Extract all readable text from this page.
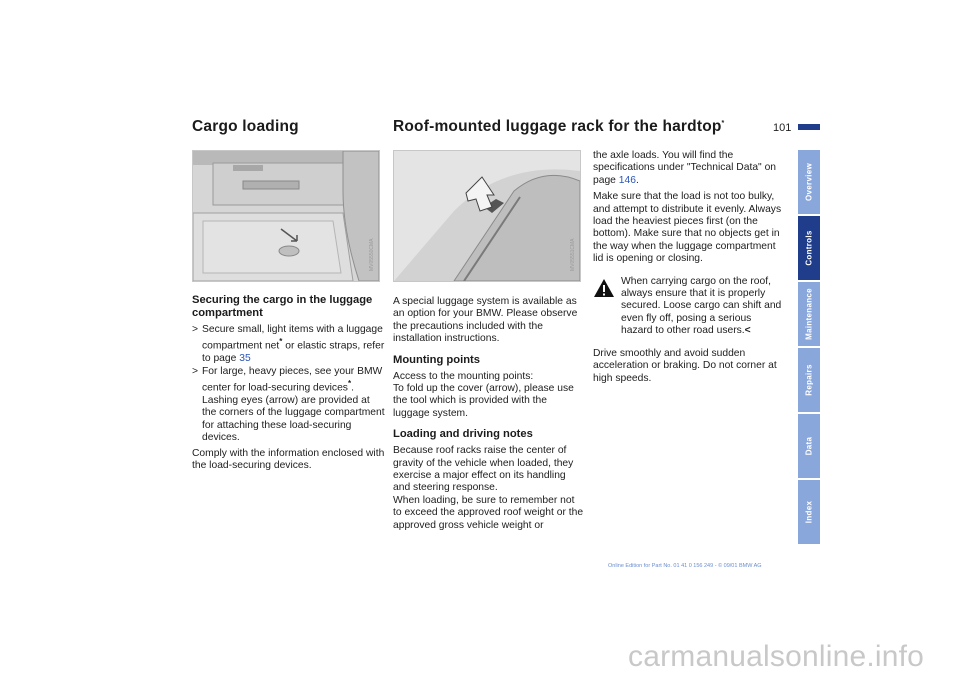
Cargo loading	Roof-mounted luggage rack for the hardtop*	101
MV05550CMA	MV05551CMA

Securing the cargo in the luggage compartment

> Secure small, light items with a luggage compartment net* or elastic straps, refer to page 35
> For large, heavy pieces, see your BMW center for load-securing devices*. Lashing eyes (arrow) are provided at the corners of the luggage compartment for attaching these load-securing devices.

Comply with the information enclosed with the load-securing devices.

A special luggage system is available as an option for your BMW. Please observe the precautions included with the installation instructions.

Mounting points

Access to the mounting points:
To fold up the cover (arrow), please use the tool which is provided with the luggage system.

Loading and driving notes

Because roof racks raise the center of gravity of the vehicle when loaded, they exercise a major effect on its handling and steering response.

When loading, be sure to remember not to exceed the approved roof weight or the approved gross vehicle weight or

the axle loads. You will find the specifications under "Technical Data" on page 146.

Make sure that the load is not too bulky, and attempt to distribute it evenly. Always load the heaviest pieces first (on the bottom). Make sure that no objects get in the way when the luggage compartment lid is opening or closing.

When carrying cargo on the roof, always ensure that it is properly secured. Loose cargo can shift and even fly off, posing a serious hazard to other road users.<

Drive smoothly and avoid sudden acceleration or braking. Do not corner at high speeds.

Overview
Controls
Maintenance
Repairs
Data
Index
Online Edition for Part No. 01 41 0 156 249 - © 09/01 BMW AG
carmanualsonline.info
